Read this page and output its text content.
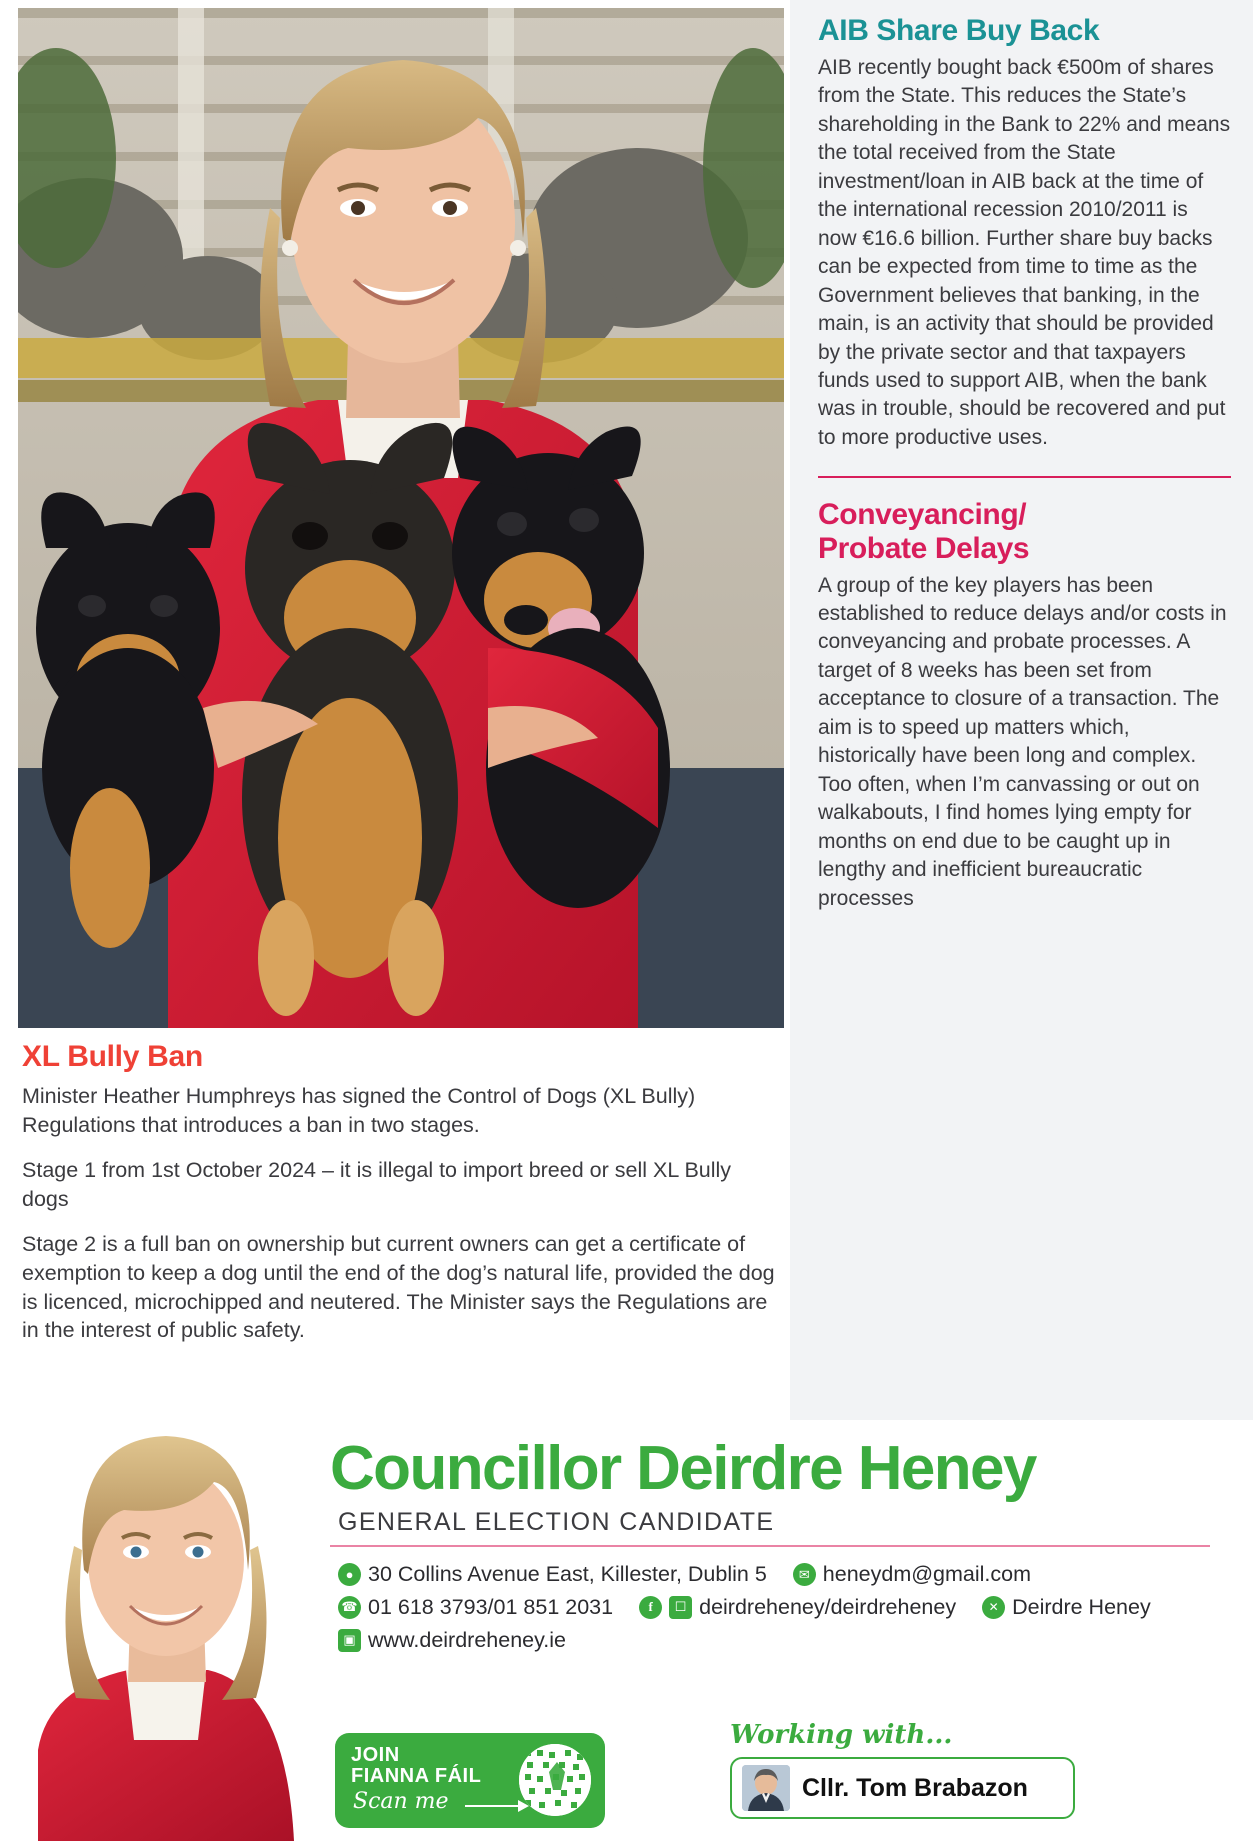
XL Bully Ban

Minister Heather Humphreys has signed the Control of Dogs (XL Bully) Regulations that introduces a ban in two stages.

Stage 1 from 1st October 2024 – it is illegal to import breed or sell XL Bully dogs

Stage 2 is a full ban on ownership but current owners can get a certificate of exemption to keep a dog until the end of the dog’s natural life, provided the dog is licenced, microchipped and neutered. The Minister says the Regulations are in the interest of public safety.

AIB Share Buy Back

AIB recently bought back €500m of shares from the State. This reduces the State’s shareholding in the Bank to 22% and means the total received from the State investment/loan in AIB back at the time of the international recession 2010/2011 is now €16.6 billion. Further share buy backs can be expected from time to time as the Government believes that banking, in the main, is an activity that should be provided by the private sector and that taxpayers funds used to support AIB, when the bank was in trouble, should be recovered and put to more productive uses.

Conveyancing/
Probate Delays

A group of the key players has been established to reduce delays and/or costs in conveyancing and probate processes. A target of 8 weeks has been set from acceptance to closure of a transaction. The aim is to speed up matters which, historically have been long and complex. Too often, when I’m canvassing or out on walkabouts, I find homes lying empty for months on end due to be caught up in lengthy and inefficient bureaucratic processes

Councillor Deirdre Heney
GENERAL ELECTION CANDIDATE
● 30 Collins Avenue East, Killester, Dublin 5	✉ heneydm@gmail.com
☎ 01 618 3793/01 851 2031	f	☐ deirdreheney/deirdreheney	✕ Deirdre Heney
▣ www.deirdreheney.ie
JOIN
FIANNA FÁIL
Scan me
Working with...
Cllr. Tom Brabazon
